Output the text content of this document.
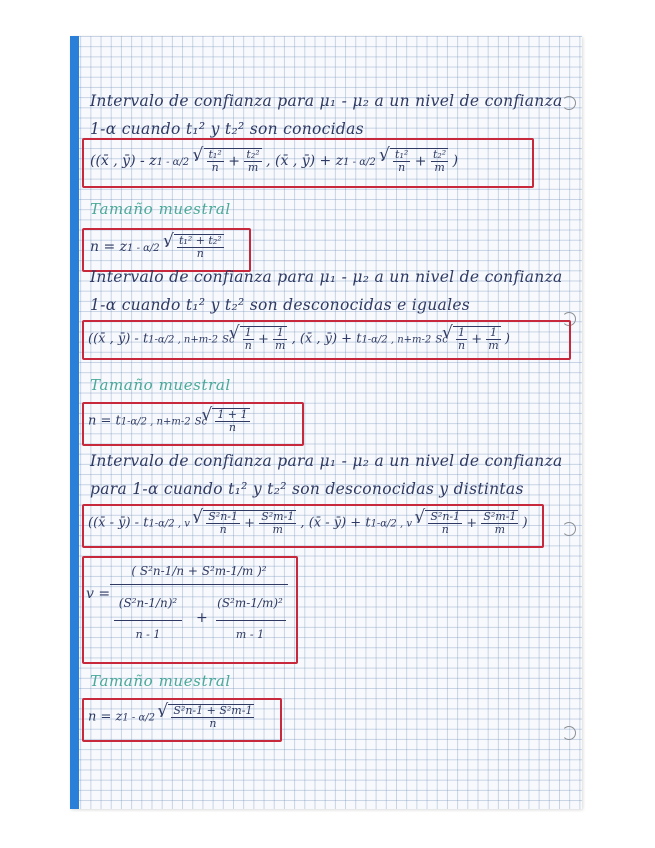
Intervalo de confianza para μ₁ - μ₂ a un nivel de confianza
1-α cuando t₁² y t₂² son conocidas
((x̄ , ȳ) - z1 - α/2 · √ $\frac{\text{t₁²}}{n} + \frac{\text{t₂²}}{m}$ , (x̄ , ȳ) + z1 - α/2 · √ $\frac{\text{t₁²}}{n} + \frac{\text{t₂²}}{m}$ )
Tamaño muestral
n = z1 - α/2 · √ $\frac{\text{t₁² + t₂²}}{n}$
Intervalo de confianza para μ₁ - μ₂ a un nivel de confianza
1-α cuando t₁² y t₂² son desconocidas e iguales
((x̄ , ȳ) - t1-α/2 , n+m-2 Sc √ $\frac{1}{n} + \frac{1}{m}$ , (x̄ , ȳ) + t1-α/2 , n+m-2 Sc √ $\frac{1}{n} + \frac{1}{m}$ )
Tamaño muestral
n = t1-α/2 , n+m-2 Sc √ $\frac{1 + 1}{n}$
Intervalo de confianza para μ₁ - μ₂ a un nivel de confianza
para 1-α cuando t₁² y t₂² son desconocidas y distintas
((x̄ - ȳ) - t1-α/2 , v · √ $\frac{\text{S²n-1}}{n} + \frac{\text{S²m-1}}{m}$ , (x̄ - ȳ) + t1-α/2 , v · √ $\frac{\text{S²n-1}}{n} + \frac{\text{S²m-1}}{m}$ )
v =
( S²n-1/n + S²m-1/m )²
(S²n-1/n)²
n - 1
+
(S²m-1/m)²
m - 1
Tamaño muestral
n = z1 - α/2 · √ $\frac{\text{S²n-1 + S²m-1}}{n}$
